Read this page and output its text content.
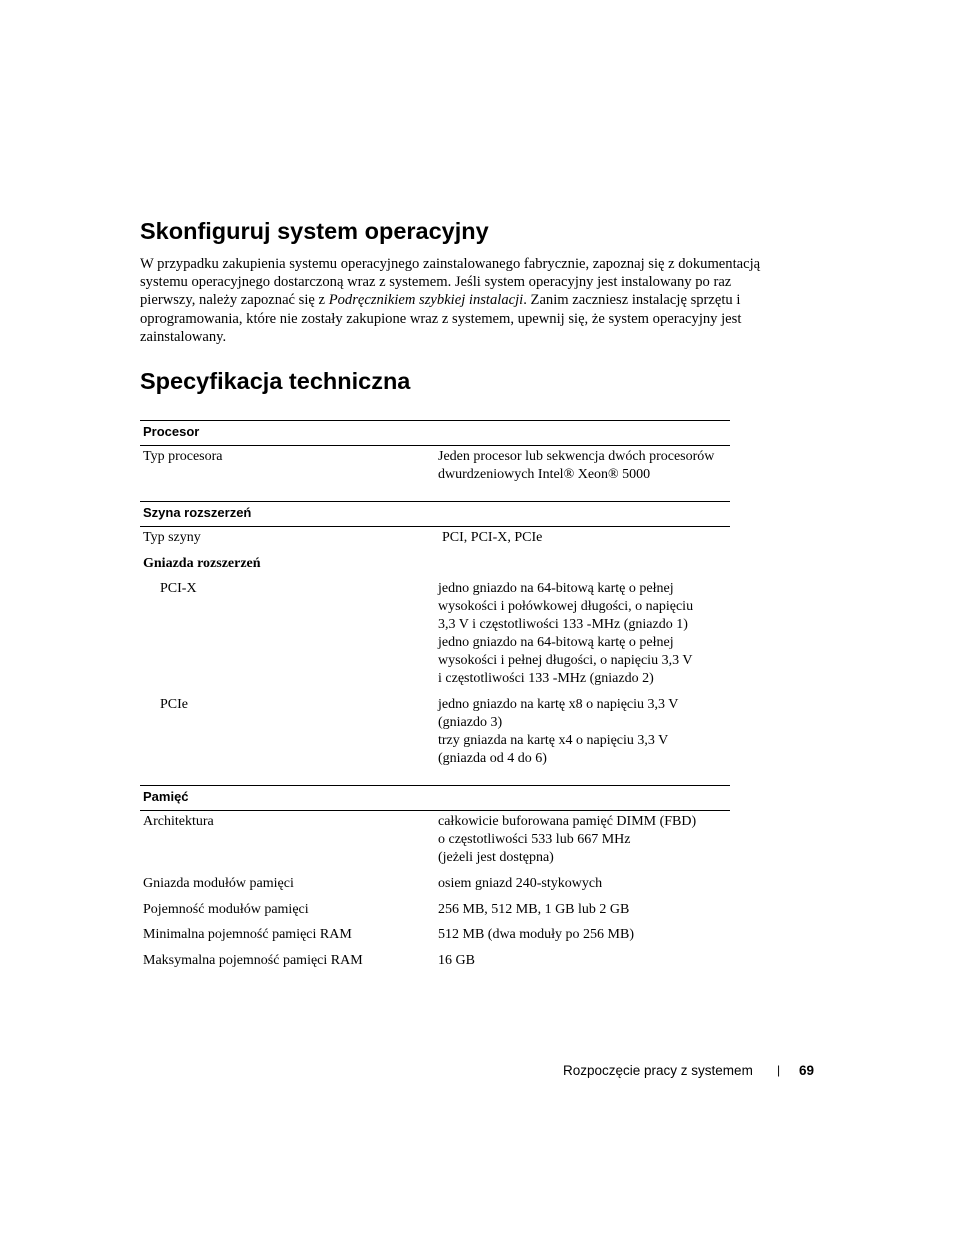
Skonfiguruj system operacyjny

W przypadku zakupienia systemu operacyjnego zainstalowanego fabrycznie, zapoznaj się z dokumentacją
systemu operacyjnego dostarczoną wraz z systemem. Jeśli system operacyjny jest instalowany po raz
pierwszy, należy zapoznać się z Podręcznikiem szybkiej instalacji. Zanim zaczniesz instalację sprzętu i
oprogramowania, które nie zostały zakupione wraz z systemem, upewnij się, że system operacyjny jest
zainstalowany.

Specyfikacja techniczna
Procesor
Typ procesora	Jeden procesor lub sekwencja dwóch procesorów
dwurdzeniowych Intel® Xeon® 5000
Szyna rozszerzeń
Typ szyny	PCI, PCI-X, PCIe
Gniazda rozszerzeń
PCI-X	jedno gniazdo na 64-bitową kartę o pełnej
wysokości i połówkowej długości, o napięciu
3,3 V i częstotliwości 133 -MHz (gniazdo 1)
jedno gniazdo na 64-bitową kartę o pełnej
wysokości i pełnej długości, o napięciu 3,3 V
i częstotliwości 133 -MHz (gniazdo 2)
PCIe	jedno gniazdo na kartę x8 o napięciu 3,3 V
(gniazdo 3)
trzy gniazda na kartę x4 o napięciu 3,3 V
(gniazda od 4 do 6)
Pamięć
Architektura	całkowicie buforowana pamięć DIMM (FBD)
o częstotliwości 533 lub 667 MHz
(jeżeli jest dostępna)
Gniazda modułów pamięci	osiem gniazd 240-stykowych
Pojemność modułów pamięci	256 MB, 512 MB, 1 GB lub 2 GB
Minimalna pojemność pamięci RAM	512 MB (dwa moduły po 256 MB)
Maksymalna pojemność pamięci RAM	16 GB
Rozpoczęcie pracy z systemem | 69
